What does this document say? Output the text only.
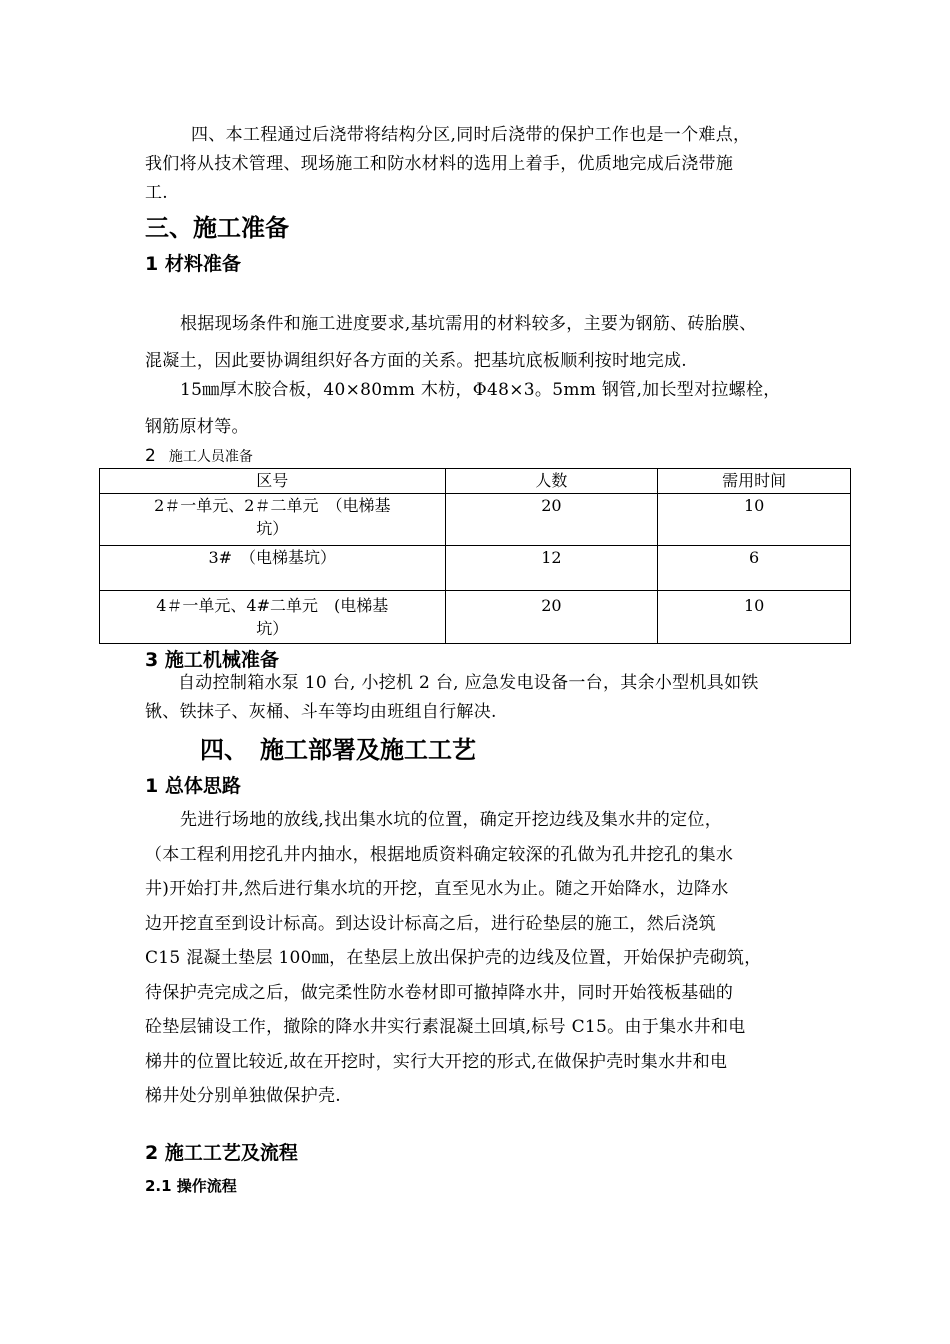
四、本工程通过后浇带将结构分区,同时后浇带的保护工作也是一个难点，
我们将从技术管理、现场施工和防水材料的选用上着手，优质地完成后浇带施
工.
三、施工准备
1 材料准备
根据现场条件和施工进度要求,基坑需用的材料较多，主要为钢筋、砖胎膜、
混凝土，因此要协调组织好各方面的关系。把基坑底板顺利按时地完成.
15㎜厚木胶合板，40×80mm 木枋，Φ48×3。5mm 钢管,加长型对拉螺栓，
钢筋原材等。
2 施工人员准备
区号	人数	需用时间

2＃一单元、2＃二单元　（电梯基
坑）	20	10

3#　（电梯基坑）	12	6

4＃一单元、4#二单元　(电梯基
坑）	20	10
3 施工机械准备
自动控制箱水泵 10 台, 小挖机 2 台, 应急发电设备一台，其余小型机具如铁
锹、铁抹子、灰桶、斗车等均由班组自行解决.
四、　施工部署及施工工艺
1 总体思路
先进行场地的放线,找出集水坑的位置，确定开挖边线及集水井的定位，
（本工程利用挖孔井内抽水，根据地质资料确定较深的孔做为孔井挖孔的集水
井)开始打井,然后进行集水坑的开挖，直至见水为止。随之开始降水，边降水
边开挖直至到设计标高。到达设计标高之后，进行砼垫层的施工，然后浇筑
C15 混凝土垫层 100㎜，在垫层上放出保护壳的边线及位置，开始保护壳砌筑，
待保护壳完成之后，做完柔性防水卷材即可撤掉降水井，同时开始筏板基础的
砼垫层铺设工作，撤除的降水井实行素混凝土回填,标号 C15。由于集水井和电
梯井的位置比较近,故在开挖时，实行大开挖的形式,在做保护壳时集水井和电
梯井处分别单独做保护壳.
2 施工工艺及流程
2.1 操作流程
